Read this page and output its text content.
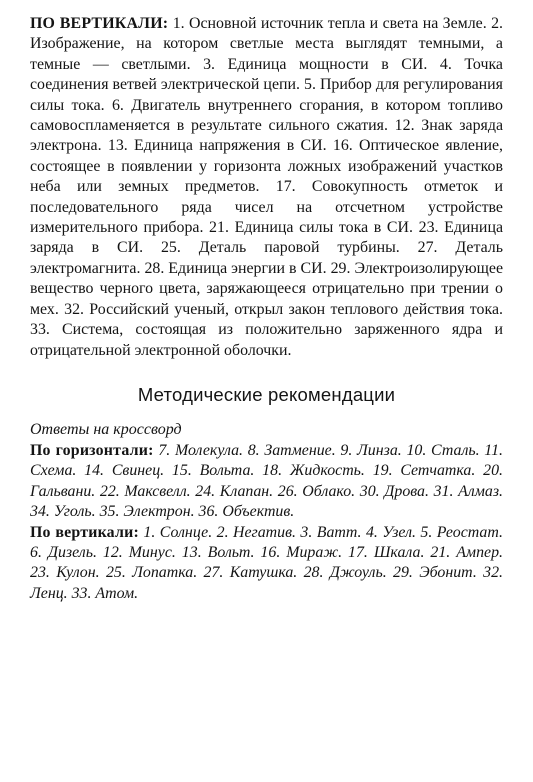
ПО ВЕРТИКАЛИ: 1. Основной источник тепла и света на Земле. 2. Изображение, на котором светлые места выглядят темными, а темные — светлыми. 3. Единица мощности в СИ. 4. Точка соединения ветвей электрической цепи. 5. Прибор для регулирования силы тока. 6. Двигатель внутреннего сгорания, в котором топливо самовоспламеняется в результате сильного сжатия. 12. Знак заряда электрона. 13. Единица напряжения в СИ. 16. Оптическое явление, состоящее в появлении у горизонта ложных изображений участков неба или земных предметов. 17. Совокупность отметок и последовательного ряда чисел на отсчетном устройстве измерительного прибора. 21. Единица силы тока в СИ. 23. Единица заряда в СИ. 25. Деталь паровой турбины. 27. Деталь электромагнита. 28. Единица энергии в СИ. 29. Электроизолирующее вещество черного цвета, заряжающееся отрицательно при трении о мех. 32. Российский ученый, открыл закон теплового действия тока. 33. Система, состоящая из положительно заряженного ядра и отрицательной электронной оболочки.

Методические рекомендации
Ответы на кроссворд

По горизонтали: 7. Молекула. 8. Затмение. 9. Линза. 10. Сталь. 11. Схема. 14. Свинец. 15. Вольта. 18. Жидкость. 19. Сетчатка. 20. Гальвани. 22. Максвелл. 24. Клапан. 26. Облако. 30. Дрова. 31. Алмаз. 34. Уголь. 35. Электрон. 36. Объектив.

По вертикали: 1. Солнце. 2. Негатив. 3. Ватт. 4. Узел. 5. Реостат. 6. Дизель. 12. Минус. 13. Вольт. 16. Мираж. 17. Шкала. 21. Ампер. 23. Кулон. 25. Лопатка. 27. Катушка. 28. Джоуль. 29. Эбонит. 32. Ленц. 33. Атом.
